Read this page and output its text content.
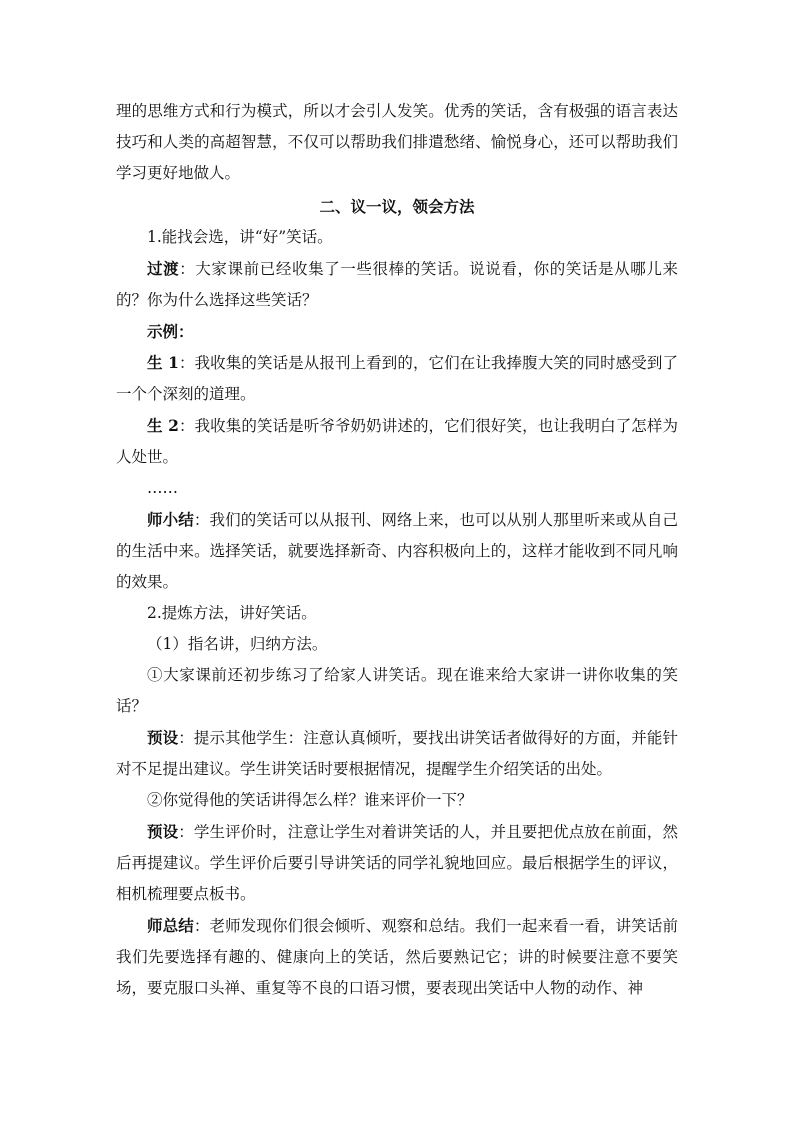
理的思维方式和行为模式，所以才会引人发笑。优秀的笑话，含有极强的语言表达技巧和人类的高超智慧，不仅可以帮助我们排遣愁绪、愉悦身心，还可以帮助我们学习更好地做人。

二、议一议，领会方法

1.能找会选，讲“好”笑话。

过渡：大家课前已经收集了一些很棒的笑话。说说看，你的笑话是从哪儿来的？你为什么选择这些笑话？

示例：

生 1：我收集的笑话是从报刊上看到的，它们在让我捧腹大笑的同时感受到了一个个深刻的道理。

生 2：我收集的笑话是听爷爷奶奶讲述的，它们很好笑，也让我明白了怎样为人处世。

……

师小结：我们的笑话可以从报刊、网络上来，也可以从别人那里听来或从自己的生活中来。选择笑话，就要选择新奇、内容积极向上的，这样才能收到不同凡响的效果。

2.提炼方法，讲好笑话。

（1）指名讲，归纳方法。

①大家课前还初步练习了给家人讲笑话。现在谁来给大家讲一讲你收集的笑话？

预设：提示其他学生：注意认真倾听，要找出讲笑话者做得好的方面，并能针对不足提出建议。学生讲笑话时要根据情况，提醒学生介绍笑话的出处。

②你觉得他的笑话讲得怎么样？谁来评价一下？

预设：学生评价时，注意让学生对着讲笑话的人，并且要把优点放在前面，然后再提建议。学生评价后要引导讲笑话的同学礼貌地回应。最后根据学生的评议，相机梳理要点板书。

师总结：老师发现你们很会倾听、观察和总结。我们一起来看一看，讲笑话前我们先要选择有趣的、健康向上的笑话，然后要熟记它；讲的时候要注意不要笑场，要克服口头禅、重复等不良的口语习惯，要表现出笑话中人物的动作、神
